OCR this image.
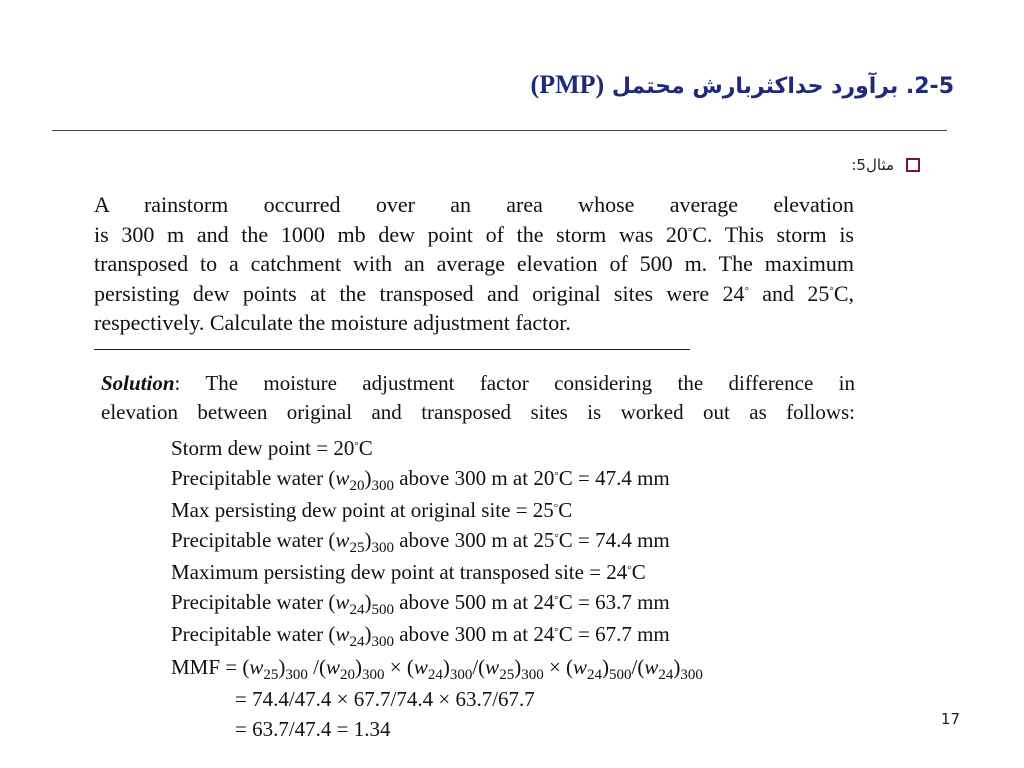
2-5. برآورد حداکثربارش محتمل (PMP)
مثال5:
A rainstorm occurred over an area whose average elevation
is 300 m and the 1000 mb dew point of the storm was 20°C. This storm is
transposed to a catchment with an average elevation of 500 m. The maximum
persisting dew points at the transposed and original sites were 24° and 25°C,
respectively. Calculate the moisture adjustment factor.
Solution: The moisture adjustment factor considering the difference in
elevation between original and transposed sites is worked out as follows:
Storm dew point = 20°C
Precipitable water $(w_{20})_{300}$ above 300 m at 20°C = 47.4 mm
Max persisting dew point at original site = 25°C
Precipitable water $(w_{25})_{300}$ above 300 m at 25°C = 74.4 mm
Maximum persisting dew point at transposed site = 24°C
Precipitable water $(w_{24})_{500}$ above 500 m at 24°C = 63.7 mm
Precipitable water $(w_{24})_{300}$ above 300 m at 24°C = 67.7 mm
MMF = $(w_{25})_{300}$ $/(w_{20})_{300} \times (w_{24})_{300}/(w_{25})_{300} \times (w_{24})_{500}/(w_{24})_{300}$
= 74.4/47.4 × 67.7/74.4 × 63.7/67.7
= 63.7/47.4 = 1.34	17
